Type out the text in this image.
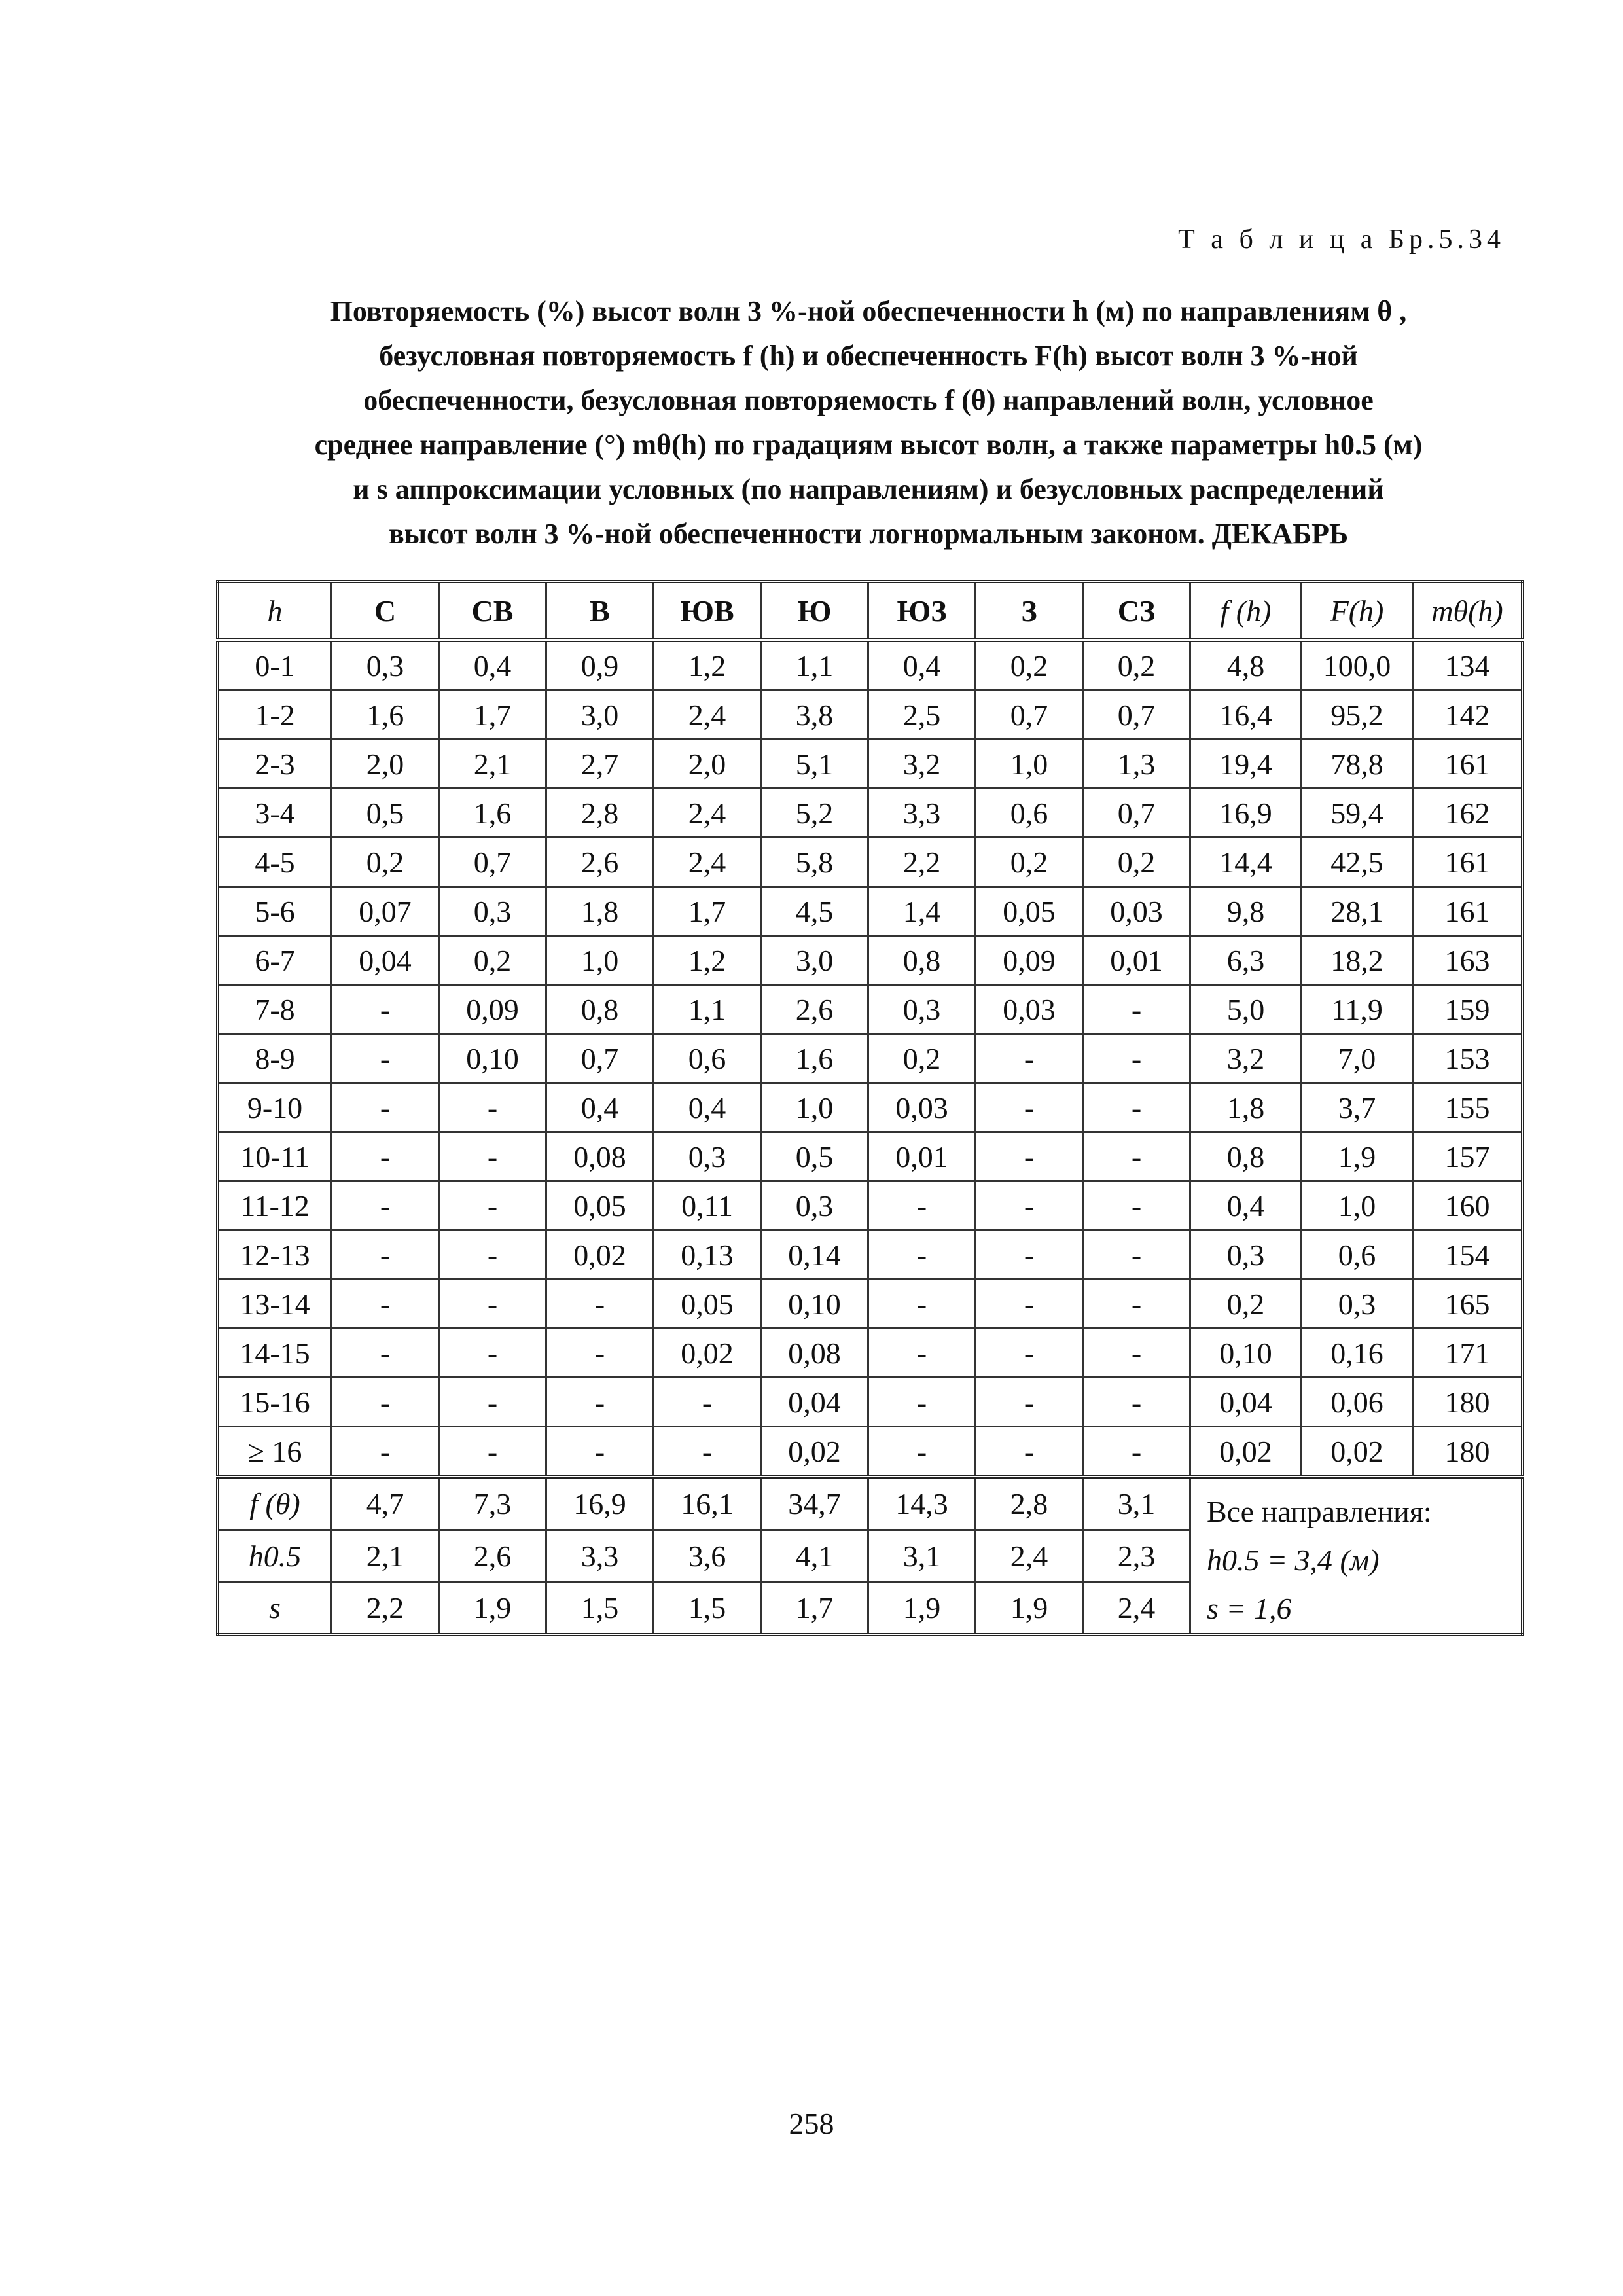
Т а б л и ц а Бр.5.34

Повторяемость (%) высот волн 3 %-ной обеспеченности h (м) по направлениям θ ,

безусловная повторяемость f (h) и обеспеченность F(h) высот волн 3 %-ной

обеспеченности, безусловная повторяемость f (θ) направлений волн, условное

среднее направление (°) mθ(h) по градациям высот волн, а также параметры h0.5 (м)

и s аппроксимации условных (по направлениям) и безусловных распределений

высот волн 3 %-ной обеспеченности логнормальным законом. ДЕКАБРЬ

h	С	СВ	В	ЮВ	Ю	ЮЗ	З	СЗ	f (h)	F(h)	mθ(h)
0-1	0,3	0,4	0,9	1,2	1,1	0,4	0,2	0,2	4,8	100,0	134
1-2	1,6	1,7	3,0	2,4	3,8	2,5	0,7	0,7	16,4	95,2	142
2-3	2,0	2,1	2,7	2,0	5,1	3,2	1,0	1,3	19,4	78,8	161
3-4	0,5	1,6	2,8	2,4	5,2	3,3	0,6	0,7	16,9	59,4	162
4-5	0,2	0,7	2,6	2,4	5,8	2,2	0,2	0,2	14,4	42,5	161
5-6	0,07	0,3	1,8	1,7	4,5	1,4	0,05	0,03	9,8	28,1	161
6-7	0,04	0,2	1,0	1,2	3,0	0,8	0,09	0,01	6,3	18,2	163
7-8	-	0,09	0,8	1,1	2,6	0,3	0,03	-	5,0	11,9	159
8-9	-	0,10	0,7	0,6	1,6	0,2	-	-	3,2	7,0	153
9-10	-	-	0,4	0,4	1,0	0,03	-	-	1,8	3,7	155
10-11	-	-	0,08	0,3	0,5	0,01	-	-	0,8	1,9	157
11-12	-	-	0,05	0,11	0,3	-	-	-	0,4	1,0	160
12-13	-	-	0,02	0,13	0,14	-	-	-	0,3	0,6	154
13-14	-	-	-	0,05	0,10	-	-	-	0,2	0,3	165
14-15	-	-	-	0,02	0,08	-	-	-	0,10	0,16	171
15-16	-	-	-	-	0,04	-	-	-	0,04	0,06	180
≥ 16	-	-	-	-	0,02	-	-	-	0,02	0,02	180
f (θ)	4,7	7,3	16,9	16,1	34,7	14,3	2,8	3,1	Все направления:
h0.5 = 3,4 (м)
s = 1,6		

h0.5	2,1	2,6	3,3	3,6	4,1	3,1	2,4	2,3			
s	2,2	1,9	1,5	1,5	1,7	1,9	1,9	2,4			
258
